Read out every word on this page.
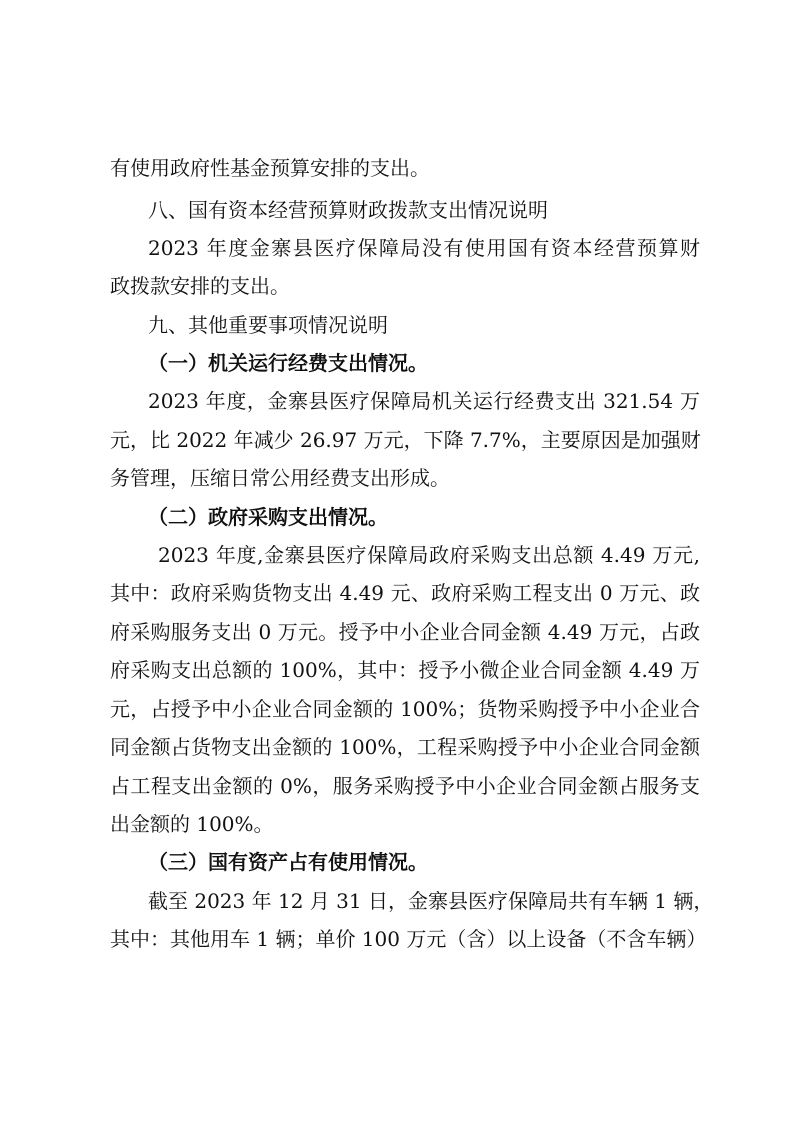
有使用政府性基金预算安排的支出。
八、国有资本经营预算财政拨款支出情况说明
2023 年度金寨县医疗保障局没有使用国有资本经营预算财
政拨款安排的支出。
九、其他重要事项情况说明
（一）机关运行经费支出情况。
2023 年度，金寨县医疗保障局机关运行经费支出 321.54 万
元，比 2022 年减少 26.97 万元，下降 7.7%，主要原因是加强财
务管理，压缩日常公用经费支出形成。
（二）政府采购支出情况。
2023 年度,金寨县医疗保障局政府采购支出总额 4.49 万元,
其中：政府采购货物支出 4.49 元、政府采购工程支出 0 万元、政
府采购服务支出 0 万元。授予中小企业合同金额 4.49 万元，占政
府采购支出总额的 100%，其中：授予小微企业合同金额 4.49 万
元，占授予中小企业合同金额的 100%；货物采购授予中小企业合
同金额占货物支出金额的 100%，工程采购授予中小企业合同金额
占工程支出金额的 0%，服务采购授予中小企业合同金额占服务支
出金额的 100%。
（三）国有资产占有使用情况。
截至 2023 年 12 月 31 日，金寨县医疗保障局共有车辆 1 辆，
其中：其他用车 1 辆；单价 100 万元（含）以上设备（不含车辆）
